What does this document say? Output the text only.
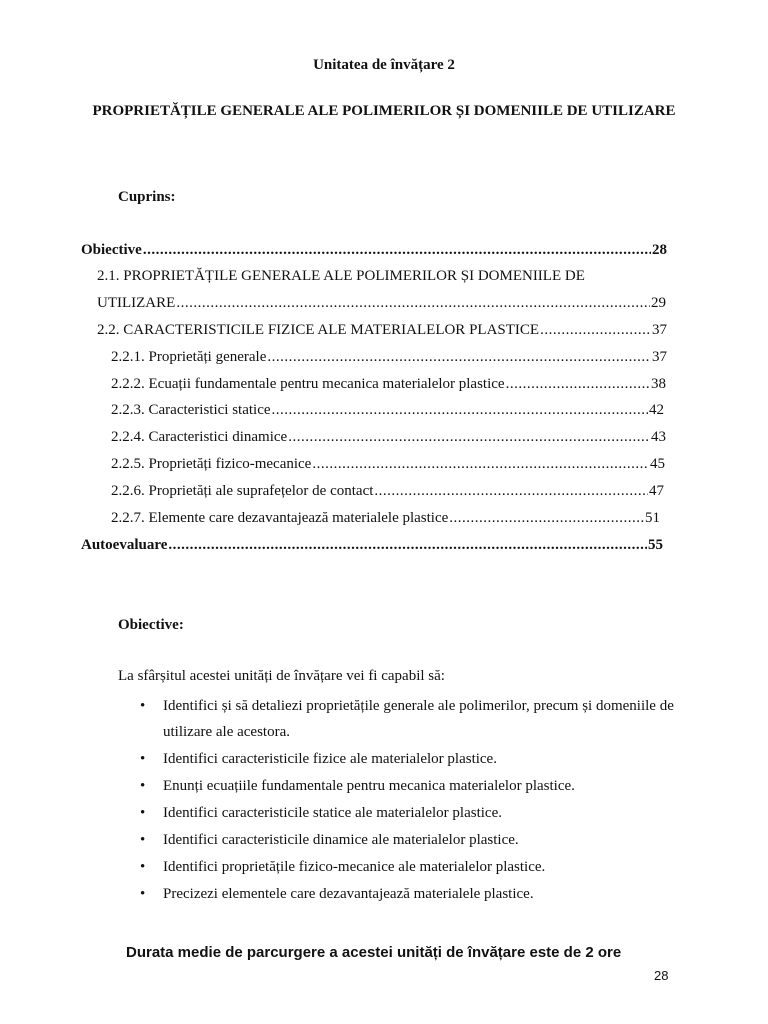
Unitatea de învățare 2
PROPRIETĂȚILE GENERALE ALE POLIMERILOR ȘI DOMENIILE DE UTILIZARE
Cuprins:
Obiective .....	28
2.1. PROPRIETĂȚILE GENERALE ALE POLIMERILOR ȘI DOMENIILE DE
UTILIZARE .....	29
2.2. CARACTERISTICILE FIZICE ALE MATERIALELOR PLASTICE .....	37
2.2.1. Proprietăți generale .....	37
2.2.2. Ecuații fundamentale pentru mecanica materialelor plastice .....	38
2.2.3. Caracteristici statice .....	42
2.2.4. Caracteristici dinamice .....	43
2.2.5. Proprietăți fizico-mecanice .....	45
2.2.6. Proprietăți ale suprafețelor de contact .....	47
2.2.7. Elemente care dezavantajează materialele plastice .....	51
Autoevaluare .....	55
Obiective:
La sfârșitul acestei unități de învățare vei fi capabil să:
• Identifici și să detaliezi proprietățile generale ale polimerilor, precum și domeniile de utilizare ale acestora.
• Identifici caracteristicile fizice ale materialelor plastice.
• Enunți ecuațiile fundamentale pentru mecanica materialelor plastice.
• Identifici caracteristicile statice ale materialelor plastice.
• Identifici caracteristicile dinamice ale materialelor plastice.
• Identifici proprietățile fizico-mecanice ale materialelor plastice.
• Precizezi elementele care dezavantajează materialele plastice.
Durata medie de parcurgere a acestei unități de învățare este de 2 ore
28
